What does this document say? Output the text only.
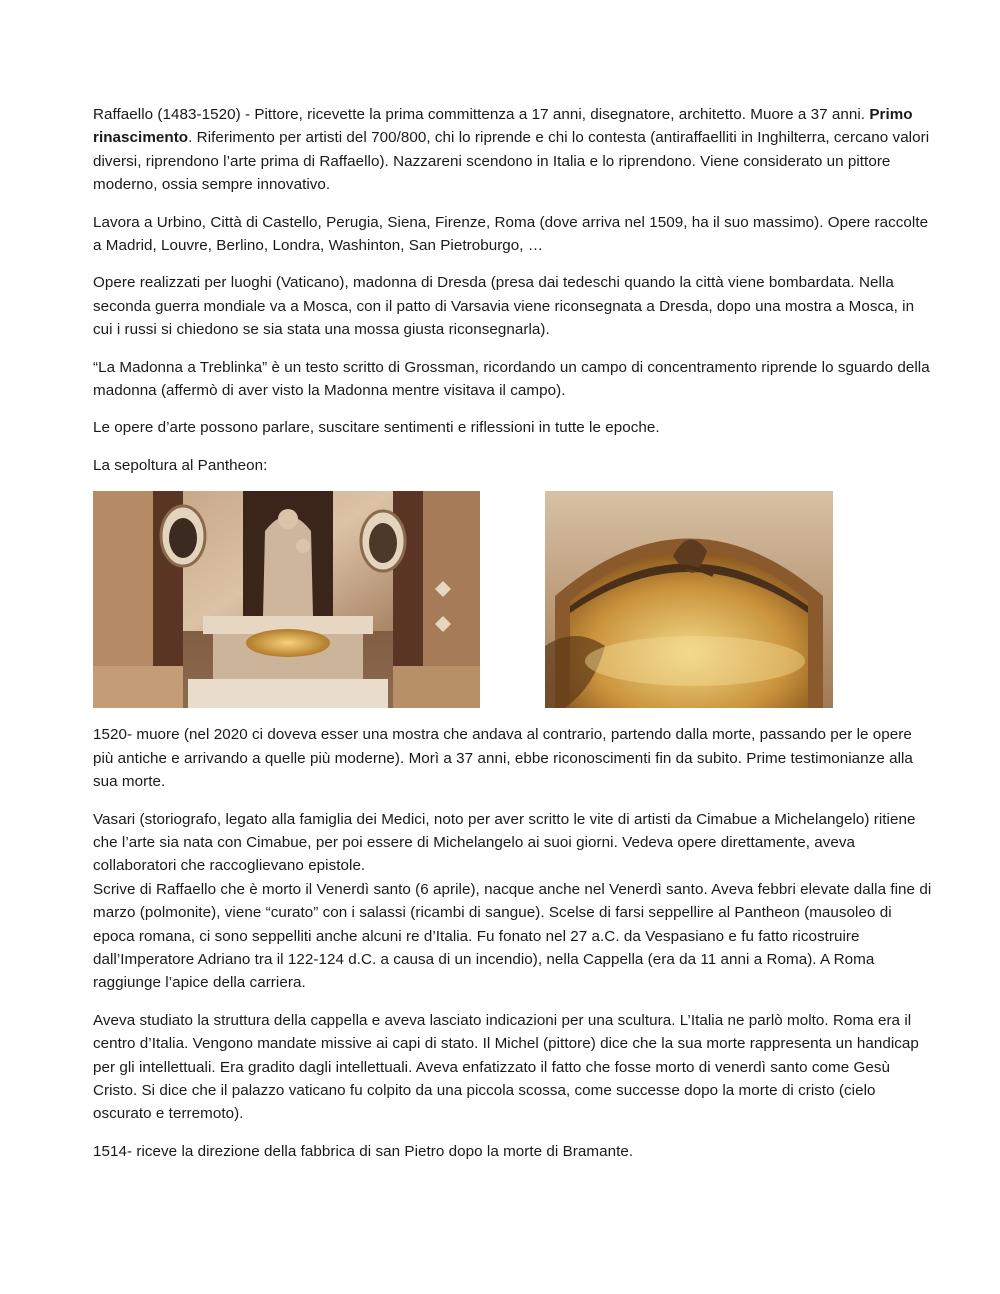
Raffaello (1483-1520) - Pittore, ricevette la prima committenza a 17 anni, disegnatore, architetto. Muore a 37 anni. Primo rinascimento. Riferimento per artisti del 700/800, chi lo riprende e chi lo contesta (antiraffaelliti in Inghilterra, cercano valori diversi, riprendono l’arte prima di Raffaello). Nazzareni scendono in Italia e lo riprendono. Viene considerato un pittore moderno, ossia sempre innovativo.

Lavora a Urbino, Città di Castello, Perugia, Siena, Firenze, Roma (dove arriva nel 1509, ha il suo massimo). Opere raccolte a Madrid, Louvre, Berlino, Londra, Washinton, San Pietroburgo, …

Opere realizzati per luoghi (Vaticano), madonna di Dresda (presa dai tedeschi quando la città viene bombardata. Nella seconda guerra mondiale va a Mosca, con il patto di Varsavia viene riconsegnata a Dresda, dopo una mostra a Mosca, in cui i russi si chiedono se sia stata una mossa giusta riconsegnarla).

“La Madonna a Treblinka” è un testo scritto di Grossman, ricordando un campo di concentramento riprende lo sguardo della madonna (affermò di aver visto la Madonna mentre visitava il campo).

Le opere d’arte possono parlare, suscitare sentimenti e riflessioni in tutte le epoche.

La sepoltura al Pantheon:

1520- muore (nel 2020 ci doveva esser una mostra che andava al contrario, partendo dalla morte, passando per le opere più antiche e arrivando a quelle più moderne). Morì a 37 anni, ebbe riconoscimenti fin da subito. Prime testimonianze alla sua morte.

Vasari (storiografo, legato alla famiglia dei Medici, noto per aver scritto le vite di artisti da Cimabue a Michelangelo) ritiene che l’arte sia nata con Cimabue, per poi essere di Michelangelo ai suoi giorni. Vedeva opere direttamente, aveva collaboratori che raccoglievano epistole.
Scrive di Raffaello che è morto il Venerdì santo (6 aprile), nacque anche nel Venerdì santo. Aveva febbri elevate dalla fine di marzo (polmonite), viene “curato” con i salassi (ricambi di sangue). Scelse di farsi seppellire al Pantheon (mausoleo di epoca romana, ci sono seppelliti anche alcuni re d’Italia. Fu fonato nel 27 a.C. da Vespasiano e fu fatto ricostruire dall’Imperatore Adriano tra il 122-124 d.C. a causa di un incendio), nella Cappella (era da 11 anni a Roma). A Roma raggiunge l’apice della carriera.

Aveva studiato la struttura della cappella e aveva lasciato indicazioni per una scultura. L’Italia ne parlò molto. Roma era il centro d’Italia. Vengono mandate missive ai capi di stato. Il Michel (pittore) dice che la sua morte rappresenta un handicap per gli intellettuali. Era gradito dagli intellettuali. Aveva enfatizzato il fatto che fosse morto di venerdì santo come Gesù Cristo. Si dice che il palazzo vaticano fu colpito da una piccola scossa, come successe dopo la morte di cristo (cielo oscurato e terremoto).

1514- riceve la direzione della fabbrica di san Pietro dopo la morte di Bramante.
